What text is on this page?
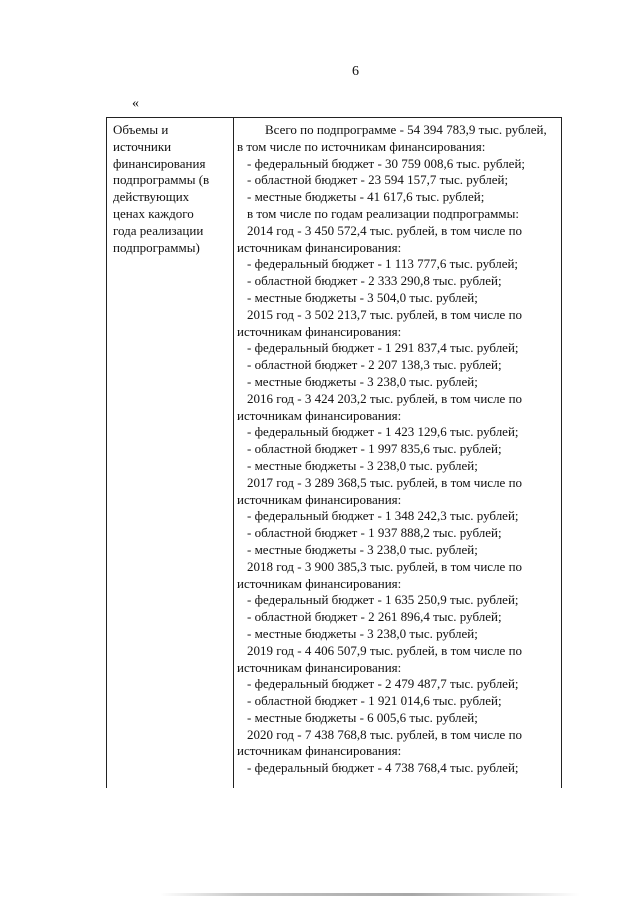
6
«
Объемы и
источники
финансирования
подпрограммы (в
действующих
ценах каждого
года реализации
подпрограммы)
Всего по подпрограмме - 54 394 783,9 тыс. рублей,
в том числе по источникам финансирования:
- федеральный бюджет - 30 759 008,6 тыс. рублей;
- областной бюджет - 23 594 157,7 тыс. рублей;
- местные бюджеты - 41 617,6 тыс. рублей;
в том числе по годам реализации подпрограммы:
2014 год - 3 450 572,4 тыс. рублей, в том числе по
источникам финансирования:
- федеральный бюджет - 1 113 777,6 тыс. рублей;
- областной бюджет - 2 333 290,8 тыс. рублей;
- местные бюджеты - 3 504,0 тыс. рублей;
2015 год - 3 502 213,7 тыс. рублей, в том числе по
источникам финансирования:
- федеральный бюджет - 1 291 837,4 тыс. рублей;
- областной бюджет - 2 207 138,3 тыс. рублей;
- местные бюджеты - 3 238,0 тыс. рублей;
2016 год - 3 424 203,2 тыс. рублей, в том числе по
источникам финансирования:
- федеральный бюджет - 1 423 129,6 тыс. рублей;
- областной бюджет - 1 997 835,6 тыс. рублей;
- местные бюджеты - 3 238,0 тыс. рублей;
2017 год - 3 289 368,5 тыс. рублей, в том числе по
источникам финансирования:
- федеральный бюджет - 1 348 242,3 тыс. рублей;
- областной бюджет - 1 937 888,2 тыс. рублей;
- местные бюджеты - 3 238,0 тыс. рублей;
2018 год - 3 900 385,3 тыс. рублей, в том числе по
источникам финансирования:
- федеральный бюджет - 1 635 250,9 тыс. рублей;
- областной бюджет - 2 261 896,4 тыс. рублей;
- местные бюджеты - 3 238,0 тыс. рублей;
2019 год - 4 406 507,9 тыс. рублей, в том числе по
источникам финансирования:
- федеральный бюджет - 2 479 487,7 тыс. рублей;
- областной бюджет - 1 921 014,6 тыс. рублей;
- местные бюджеты - 6 005,6 тыс. рублей;
2020 год - 7 438 768,8 тыс. рублей, в том числе по
источникам финансирования:
- федеральный бюджет - 4 738 768,4 тыс. рублей;
